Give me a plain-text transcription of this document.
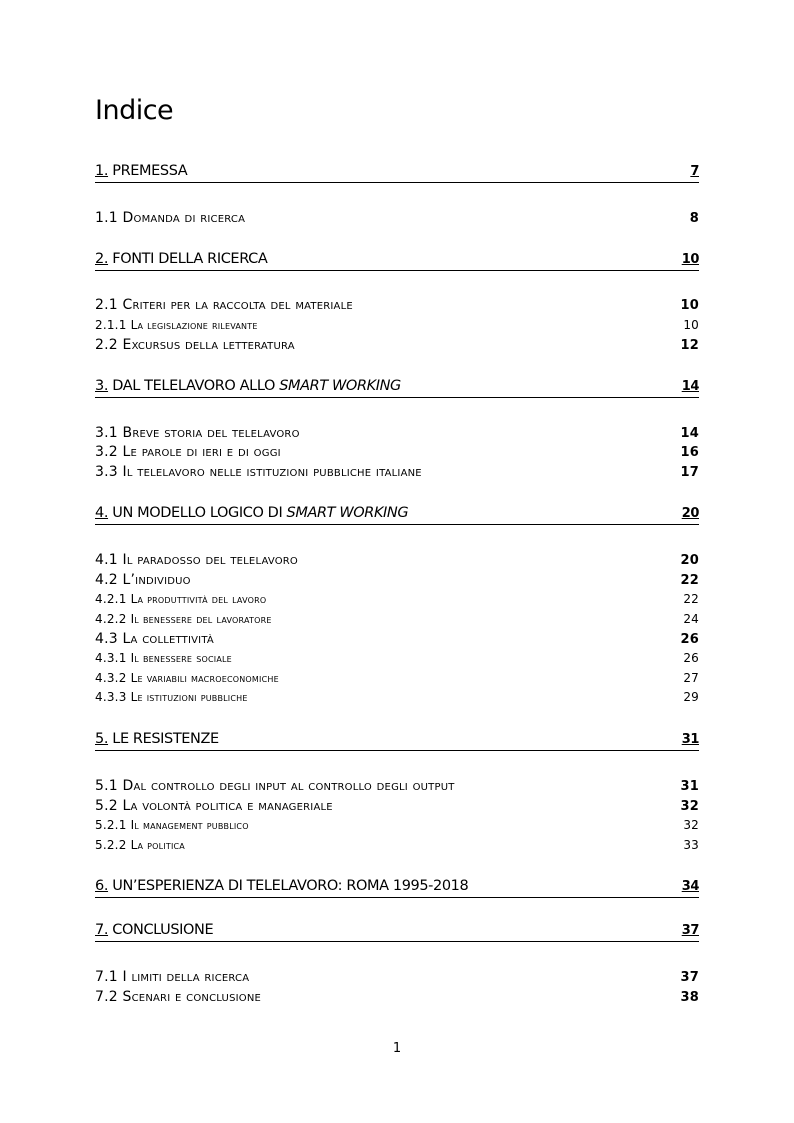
Indice
1. PREMESSA	7
1.1 Domanda di ricerca	8
2. FONTI DELLA RICERCA	10
2.1 Criteri per la raccolta del materiale	10
2.1.1 La legislazione rilevante	10
2.2 Excursus della letteratura	12
3. DAL TELELAVORO ALLO SMART WORKING	14
3.1 Breve storia del telelavoro	14
3.2 Le parole di ieri e di oggi	16
3.3 Il telelavoro nelle istituzioni pubbliche italiane	17
4. UN MODELLO LOGICO DI SMART WORKING	20
4.1 Il paradosso del telelavoro	20
4.2 L’individuo	22
4.2.1 La produttività del lavoro	22
4.2.2 Il benessere del lavoratore	24
4.3 La collettività	26
4.3.1 Il benessere sociale	26
4.3.2 Le variabili macroeconomiche	27
4.3.3 Le istituzioni pubbliche	29
5. LE RESISTENZE	31
5.1 Dal controllo degli input al controllo degli output	31
5.2 La volontà politica e manageriale	32
5.2.1 Il management pubblico	32
5.2.2 La politica	33
6. UN’ESPERIENZA DI TELELAVORO: ROMA 1995-2018	34
7. CONCLUSIONE	37
7.1 I limiti della ricerca	37
7.2 Scenari e conclusione	38
1
